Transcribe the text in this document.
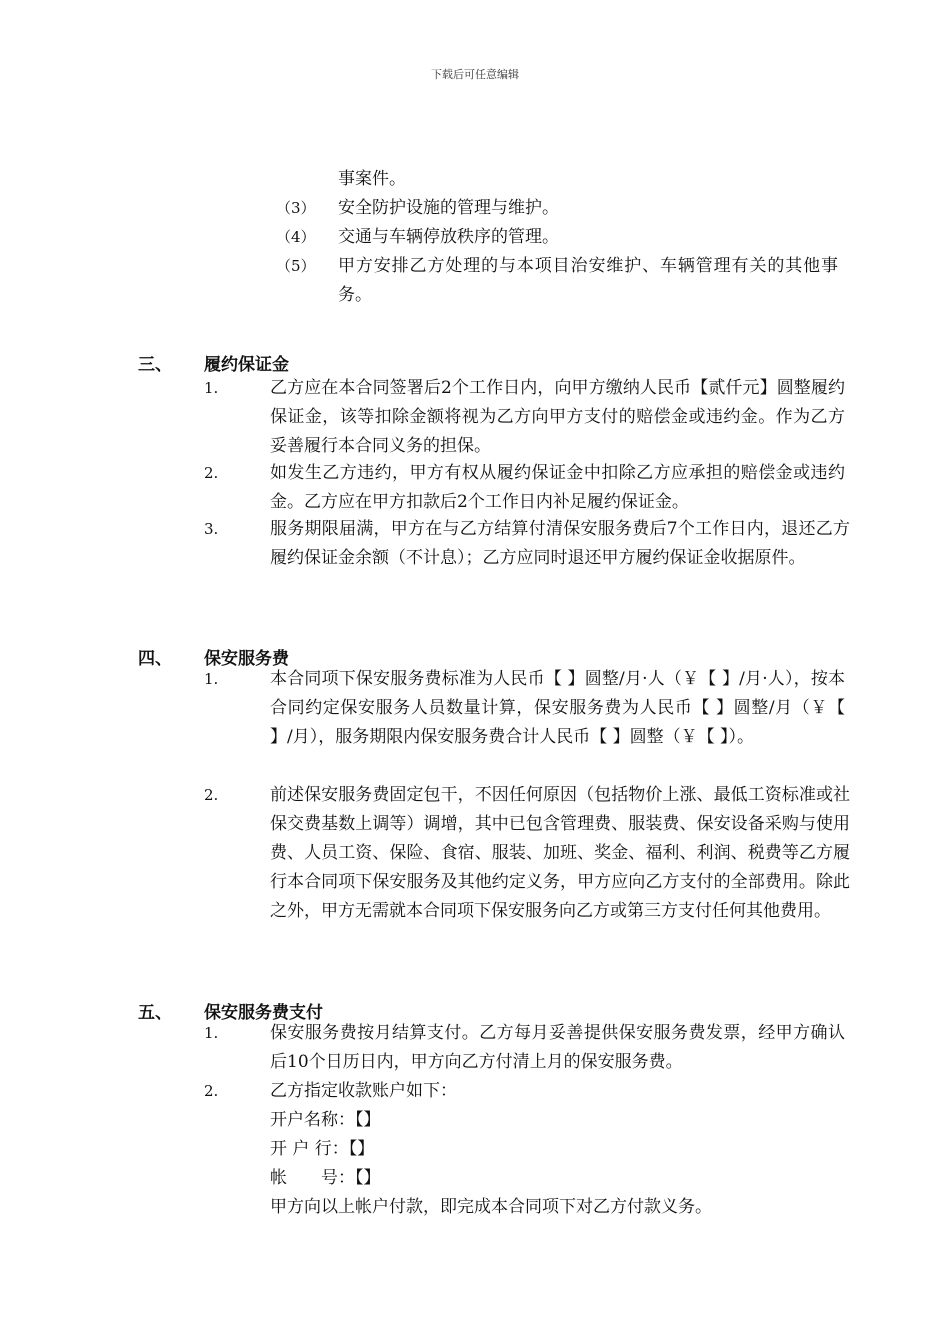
下载后可任意编辑
事案件。
（3） 安全防护设施的管理与维护。
（4） 交通与车辆停放秩序的管理。
（5） 甲方安排乙方处理的与本项目治安维护、车辆管理有关的其他事务。
三、 履约保证金
1.	乙方应在本合同签署后2个工作日内，向甲方缴纳人民币【贰仟元】圆整履约保证金，该等扣除金额将视为乙方向甲方支付的赔偿金或违约金。作为乙方妥善履行本合同义务的担保。
2.	如发生乙方违约，甲方有权从履约保证金中扣除乙方应承担的赔偿金或违约金。乙方应在甲方扣款后2个工作日内补足履约保证金。
3.	服务期限届满，甲方在与乙方结算付清保安服务费后7个工作日内，退还乙方履约保证金余额（不计息）；乙方应同时退还甲方履约保证金收据原件。
四、 保安服务费
1.	本合同项下保安服务费标准为人民币【 】圆整/月·人（￥【 】/月·人），按本合同约定保安服务人员数量计算，保安服务费为人民币【 】圆整/月（￥【 】/月），服务期限内保安服务费合计人民币【 】圆整（￥【 】）。
2.	前述保安服务费固定包干，不因任何原因（包括物价上涨、最低工资标准或社保交费基数上调等）调增，其中已包含管理费、服装费、保安设备采购与使用费、人员工资、保险、食宿、服装、加班、奖金、福利、利润、税费等乙方履行本合同项下保安服务及其他约定义务，甲方应向乙方支付的全部费用。除此之外，甲方无需就本合同项下保安服务向乙方或第三方支付任何其他费用。
五、 保安服务费支付
1.	保安服务费按月结算支付。乙方每月妥善提供保安服务费发票，经甲方确认后10个日历日内，甲方向乙方付清上月的保安服务费。
2.	乙方指定收款账户如下：
开户名称：【】
开 户 行：【】
帐　　号：【】
甲方向以上帐户付款，即完成本合同项下对乙方付款义务。
